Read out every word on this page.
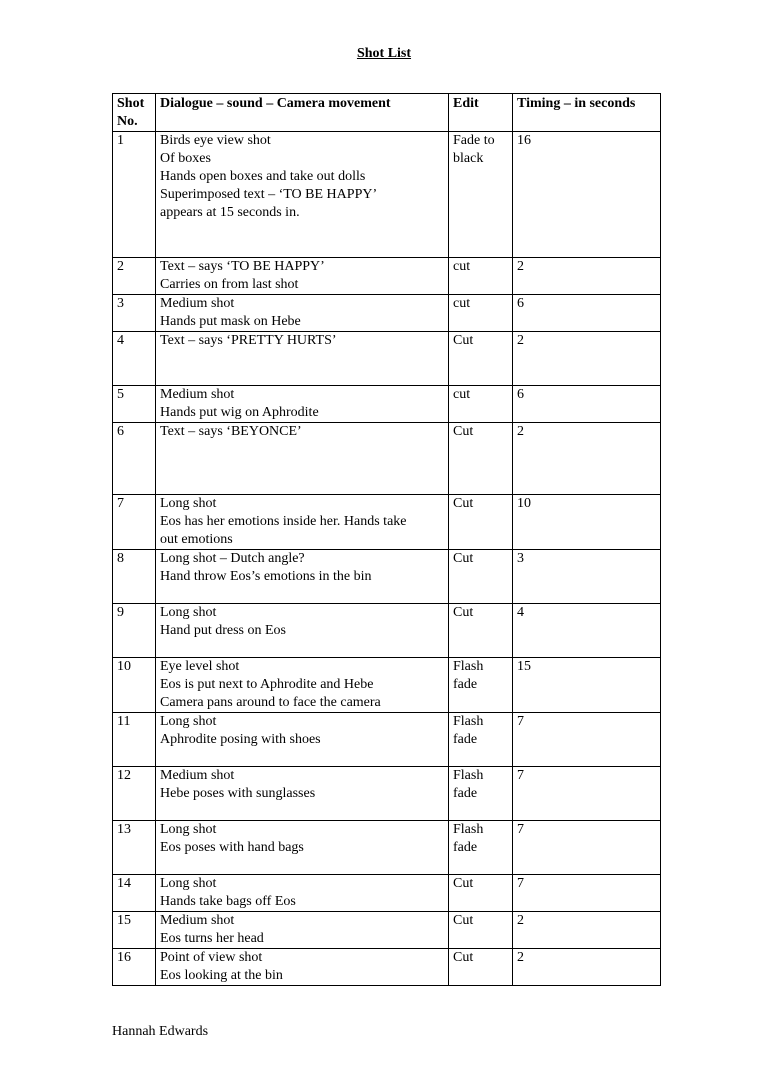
Shot List
Shot
No.	Dialogue – sound – Camera movement	Edit	Timing – in seconds
1	Birds eye view shot
Of boxes
Hands open boxes and take out dolls
Superimposed text – ‘TO BE HAPPY’
appears at 15 seconds in.	Fade to
black	16
2	Text – says ‘TO BE HAPPY’
Carries on from last shot	cut	2
3	Medium shot
Hands put mask on Hebe	cut	6
4	Text – says ‘PRETTY HURTS’	Cut	2
5	Medium shot
Hands put wig on Aphrodite	cut	6
6	Text – says ‘BEYONCE’	Cut	2
7	Long shot
Eos has her emotions inside her. Hands take
out emotions	Cut	10
8	Long shot – Dutch angle?
Hand throw Eos’s emotions in the bin	Cut	3
9	Long shot
Hand put dress on Eos	Cut	4
10	Eye level shot
Eos is put next to Aphrodite and Hebe
Camera pans around to face the camera	Flash
fade	15
11	Long shot
Aphrodite posing with shoes	Flash
fade	7
12	Medium shot
Hebe poses with sunglasses	Flash
fade	7
13	Long shot
Eos poses with hand bags	Flash
fade	7
14	Long shot
Hands take bags off Eos	Cut	7
15	Medium shot
Eos turns her head	Cut	2
16	Point of view shot
Eos looking at the bin	Cut	2
Hannah Edwards
